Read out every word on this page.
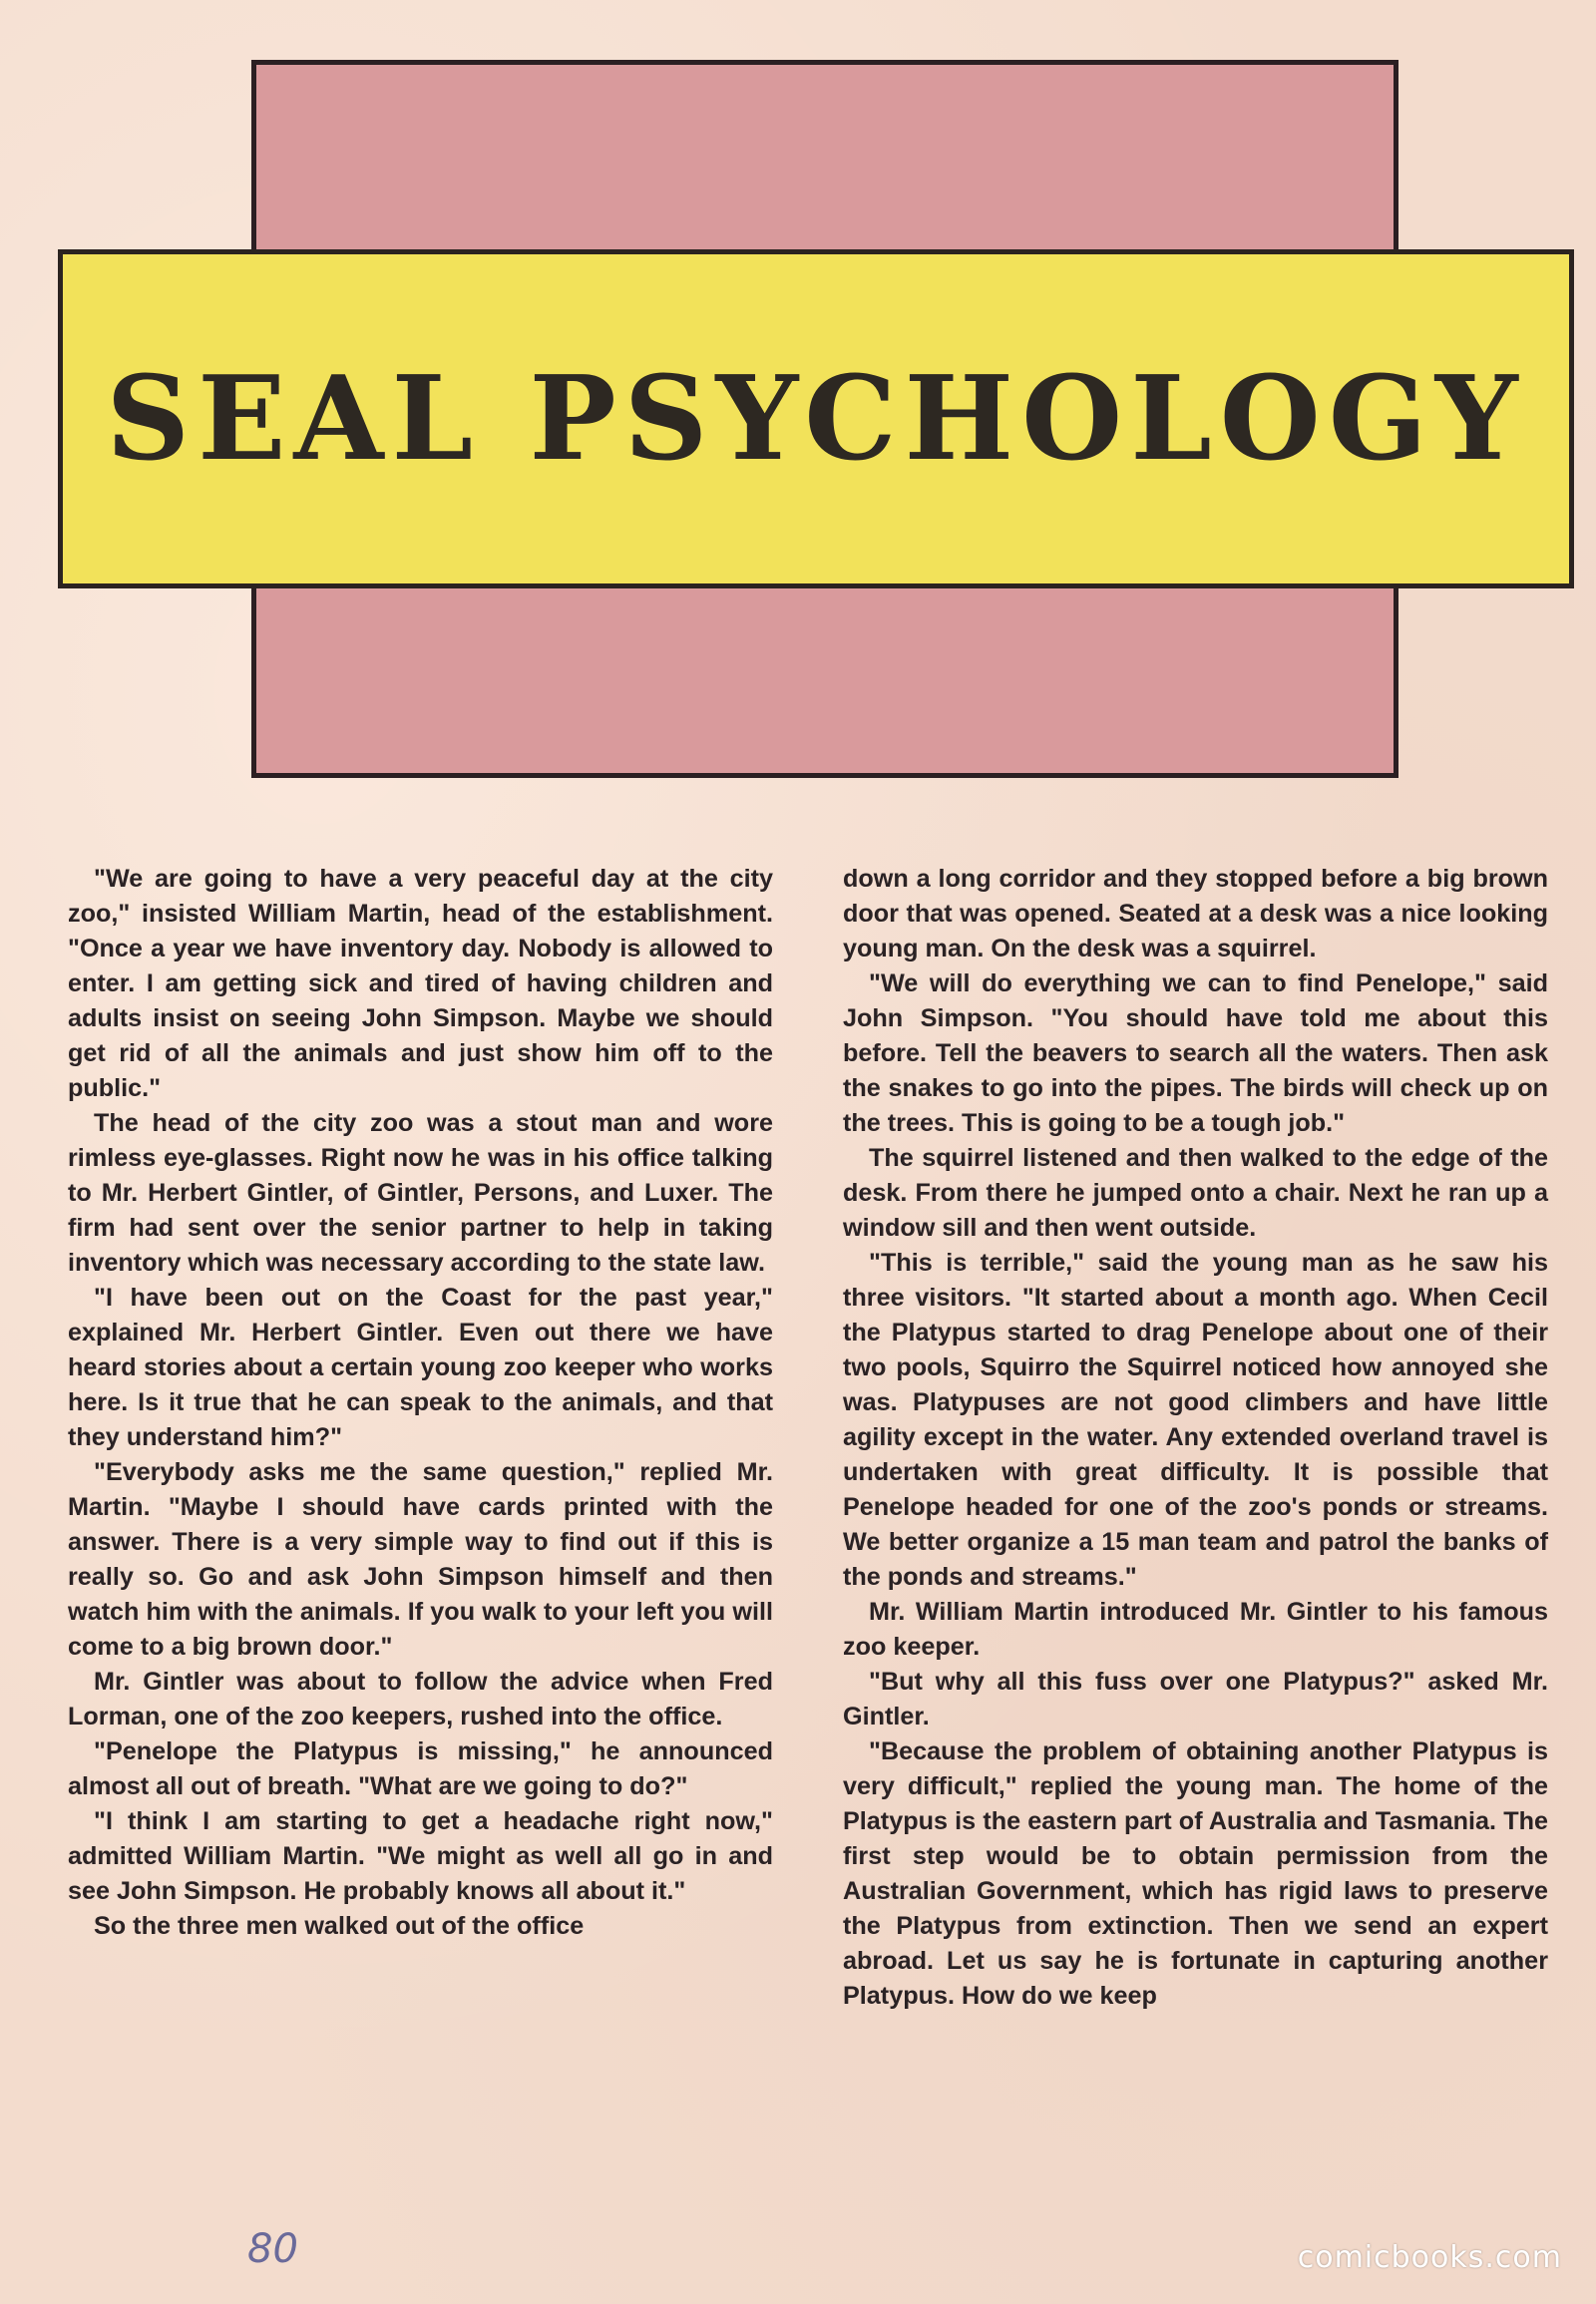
SEAL PSYCHOLOGY

"We are going to have a very peaceful day at the city zoo," insisted William Martin, head of the establishment. "Once a year we have inventory day. Nobody is allowed to enter. I am getting sick and tired of having children and adults insist on seeing John Simpson. Maybe we should get rid of all the animals and just show him off to the public."

The head of the city zoo was a stout man and wore rimless eye-glasses. Right now he was in his office talking to Mr. Herbert Gintler, of Gintler, Persons, and Luxer. The firm had sent over the senior partner to help in taking inventory which was necessary according to the state law.

"I have been out on the Coast for the past year," explained Mr. Herbert Gintler. Even out there we have heard stories about a certain young zoo keeper who works here. Is it true that he can speak to the animals, and that they understand him?"

"Everybody asks me the same question," replied Mr. Martin. "Maybe I should have cards printed with the answer. There is a very simple way to find out if this is really so. Go and ask John Simpson himself and then watch him with the animals. If you walk to your left you will come to a big brown door."

Mr. Gintler was about to follow the advice when Fred Lorman, one of the zoo keepers, rushed into the office.

"Penelope the Platypus is missing," he announced almost all out of breath. "What are we going to do?"

"I think I am starting to get a headache right now," admitted William Martin. "We might as well all go in and see John Simpson. He probably knows all about it."

So the three men walked out of the office

down a long corridor and they stopped before a big brown door that was opened. Seated at a desk was a nice looking young man. On the desk was a squirrel.

"We will do everything we can to find Penelope," said John Simpson. "You should have told me about this before. Tell the beavers to search all the waters. Then ask the snakes to go into the pipes. The birds will check up on the trees. This is going to be a tough job."

The squirrel listened and then walked to the edge of the desk. From there he jumped onto a chair. Next he ran up a window sill and then went outside.

"This is terrible," said the young man as he saw his three visitors. "It started about a month ago. When Cecil the Platypus started to drag Penelope about one of their two pools, Squirro the Squirrel noticed how annoyed she was. Platypuses are not good climbers and have little agility except in the water. Any extended overland travel is undertaken with great difficulty. It is possible that Penelope headed for one of the zoo's ponds or streams. We better organize a 15 man team and patrol the banks of the ponds and streams."

Mr. William Martin introduced Mr. Gintler to his famous zoo keeper.

"But why all this fuss over one Platypus?" asked Mr. Gintler.

"Because the problem of obtaining another Platypus is very difficult," replied the young man. The home of the Platypus is the eastern part of Australia and Tasmania. The first step would be to obtain permission from the Australian Government, which has rigid laws to preserve the Platypus from extinction. Then we send an expert abroad. Let us say he is fortunate in capturing another Platypus. How do we keep

80	comicbooks.com
